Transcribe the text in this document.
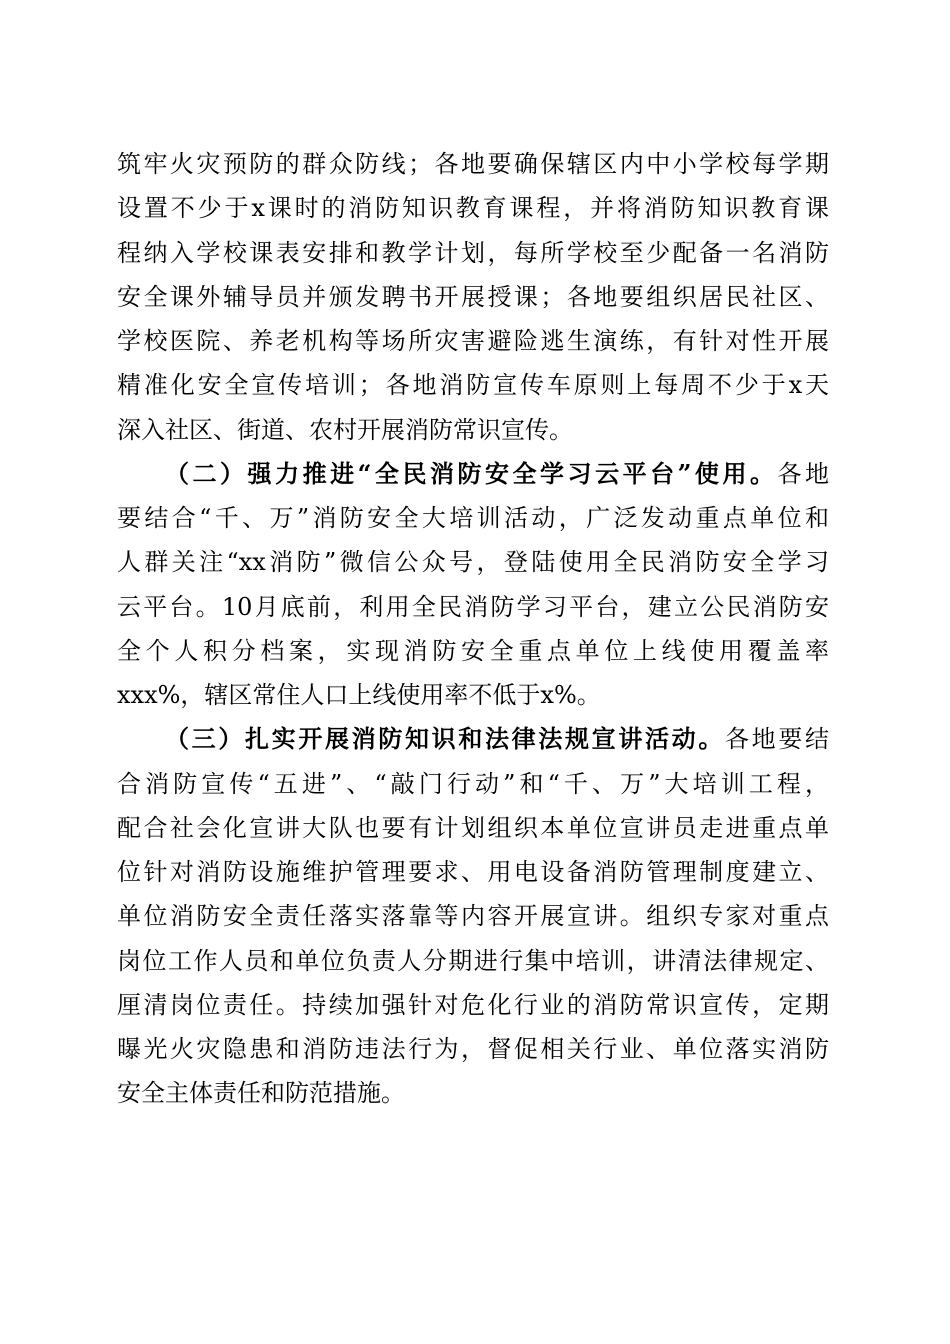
筑牢火灾预防的群众防线；各地要确保辖区内中小学校每学期
设置不少于x课时的消防知识教育课程，并将消防知识教育课
程纳入学校课表安排和教学计划，每所学校至少配备一名消防
安全课外辅导员并颁发聘书开展授课；各地要组织居民社区、
学校医院、养老机构等场所灾害避险逃生演练，有针对性开展
精准化安全宣传培训；各地消防宣传车原则上每周不少于x天
深入社区、街道、农村开展消防常识宣传。
（二）强力推进“全民消防安全学习云平台”使用。各地
要结合“千、万”消防安全大培训活动，广泛发动重点单位和
人群关注“xx消防”微信公众号，登陆使用全民消防安全学习
云平台。10月底前，利用全民消防学习平台，建立公民消防安
全个人积分档案，实现消防安全重点单位上线使用覆盖率
xxx%，辖区常住人口上线使用率不低于x%。
（三）扎实开展消防知识和法律法规宣讲活动。各地要结
合消防宣传“五进”、“敲门行动”和“千、万”大培训工程，
配合社会化宣讲大队也要有计划组织本单位宣讲员走进重点单
位针对消防设施维护管理要求、用电设备消防管理制度建立、
单位消防安全责任落实落靠等内容开展宣讲。组织专家对重点
岗位工作人员和单位负责人分期进行集中培训，讲清法律规定、
厘清岗位责任。持续加强针对危化行业的消防常识宣传，定期
曝光火灾隐患和消防违法行为，督促相关行业、单位落实消防
安全主体责任和防范措施。
